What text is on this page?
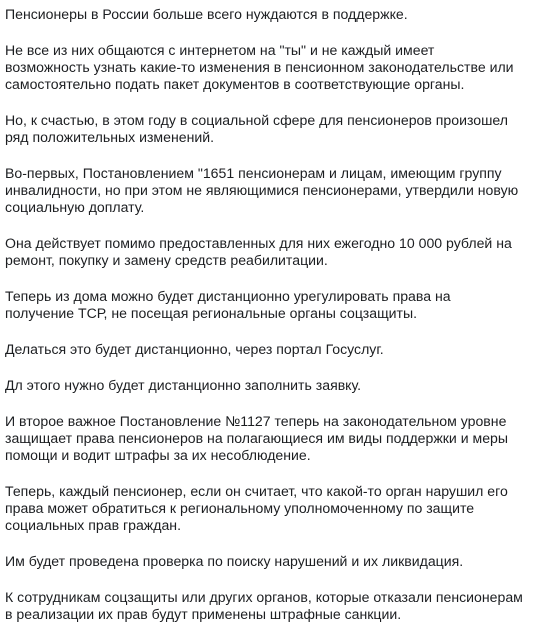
Пенсионеры в России больше всего нуждаются в поддержке.

Не все из них общаются с интернетом на "ты" и не каждый имеет
возможность узнать какие-то изменения в пенсионном законодательстве или
самостоятельно подать пакет документов в соответствующие органы.

Но, к счастью, в этом году в социальной сфере для пенсионеров произошел
ряд положительных изменений.

Во-первых, Постановлением "1651 пенсионерам и лицам, имеющим группу
инвалидности, но при этом не являющимися пенсионерами, утвердили новую
социальную доплату.

Она действует помимо предоставленных для них ежегодно 10 000 рублей на
ремонт, покупку и замену средств реабилитации.

Теперь из дома можно будет дистанционно урегулировать права на
получение ТСР, не посещая региональные органы соцзащиты.

Делаться это будет дистанционно, через портал Госуслуг.

Дл этого нужно будет дистанционно заполнить заявку.

И второе важное Постановление №1127 теперь на законодательном уровне
защищает права пенсионеров на полагающиеся им виды поддержки и меры
помощи и водит штрафы за их несоблюдение.

Теперь, каждый пенсионер, если он считает, что какой-то орган нарушил его
права может обратиться к региональному уполномоченному по защите
социальных прав граждан.

Им будет проведена проверка по поиску нарушений и их ликвидация.

К сотрудникам соцзащиты или других органов, которые отказали пенсионерам
в реализации их прав будут применены штрафные санкции.
